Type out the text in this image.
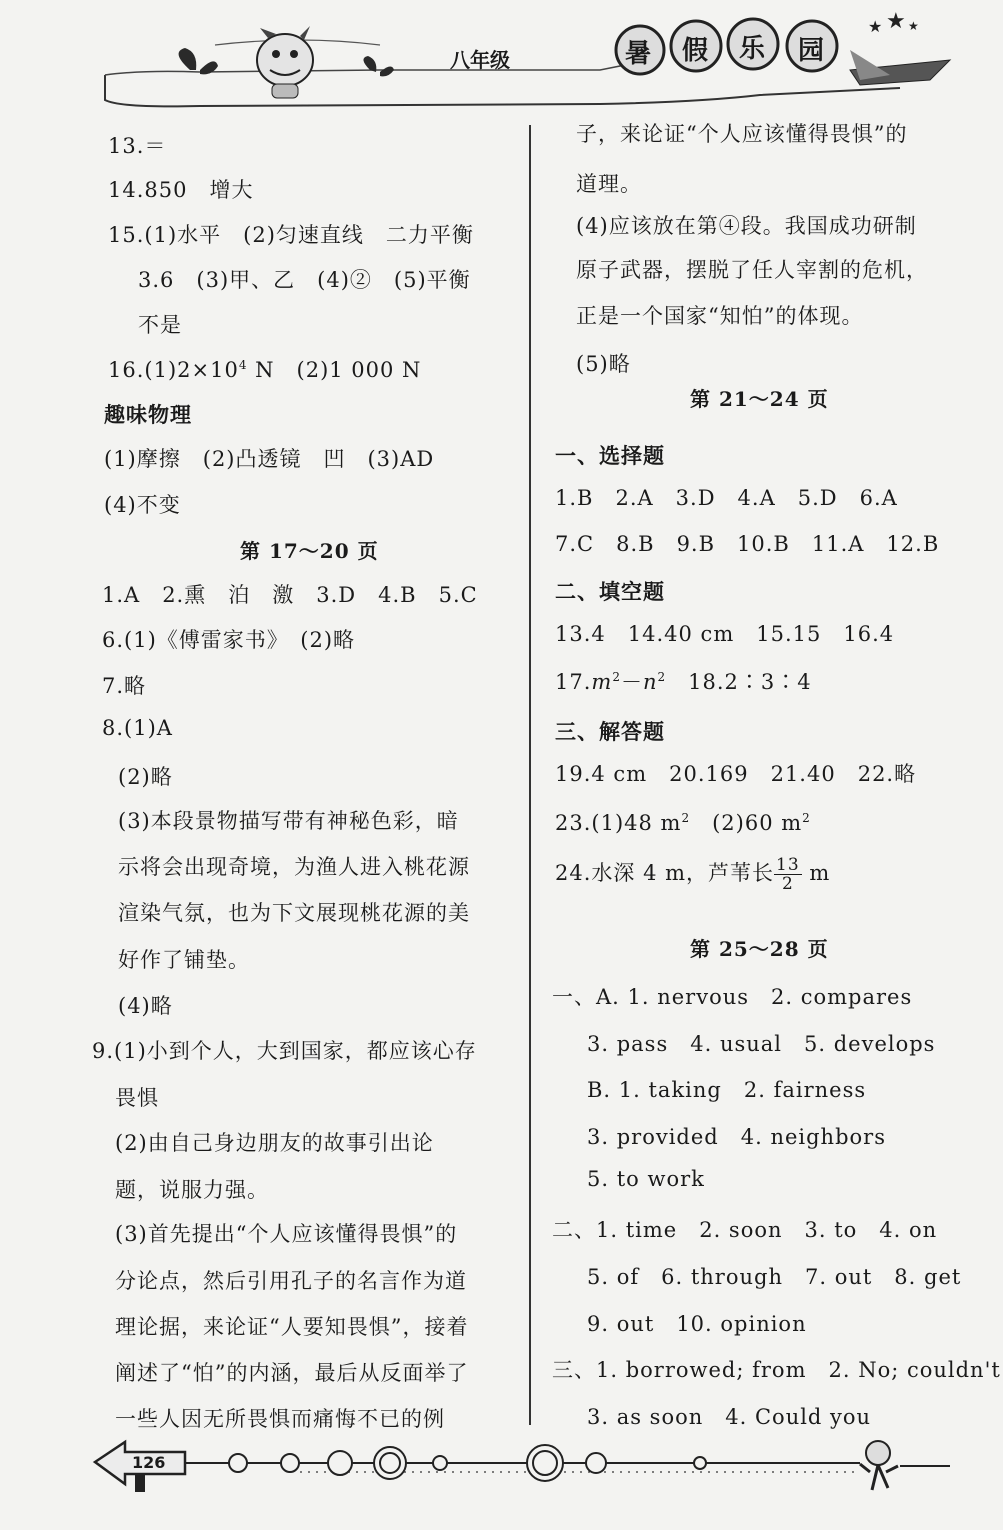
★ ★ ★
八年级	暑 假 乐 园
13.＝
14.850　增大
15.(1)水平　(2)匀速直线　二力平衡
3.6　(3)甲、乙　(4)②　(5)平衡
不是
$16.(1)2\times 10^4$ N　(2)1 000 N
趣味物理
(1)摩擦　(2)凸透镜　凹　(3)AD
(4)不变
第 17～20 页
1.A　2.熏　泊　激　3.D　4.B　5.C
6.(1)《傅雷家书》　(2)略
7.略
8.(1)A
(2)略
(3)本段景物描写带有神秘色彩，暗
示将会出现奇境，为渔人进入桃花源
渲染气氛，也为下文展现桃花源的美
好作了铺垫。
(4)略
9.(1)小到个人，大到国家，都应该心存
畏惧
(2)由自己身边朋友的故事引出论
题，说服力强。
(3)首先提出“个人应该懂得畏惧”的
分论点，然后引用孔子的名言作为道
理论据，来论证“人要知畏惧”，接着
阐述了“怕”的内涵，最后从反面举了
一些人因无所畏惧而痛悔不已的例
子，来论证“个人应该懂得畏惧”的
道理。
(4)应该放在第④段。我国成功研制
原子武器，摆脱了任人宰割的危机，
正是一个国家“知怕”的体现。
(5)略
第 21～24 页
一、选择题
1.B　2.A　3.D　4.A　5.D　6.A
7.C　8.B　9.B　10.B　11.A　12.B
二、填空题
13.4　14.40 cm　15.15　16.4
$17.m^2-n^2$　18.2∶3∶4
三、解答题
19.4 cm　20.169　21.40　22.略
23.(1)48 $m^2$　(2)60 $m^2$
24.水深 4 m，芦苇长 $\frac{13}{2}$ m
第 25～28 页
一、A. 1. nervous　2. compares
3. pass　4. usual　5. develops
B. 1. taking　2. fairness
3. provided　4. neighbors
5. to work
二、1. time　2. soon　3. to　4. on
5. of　6. through　7. out　8. get
9. out　10. opinion
三、1. borrowed; from　2. No; couldn't
3. as soon　4. Could you
126
